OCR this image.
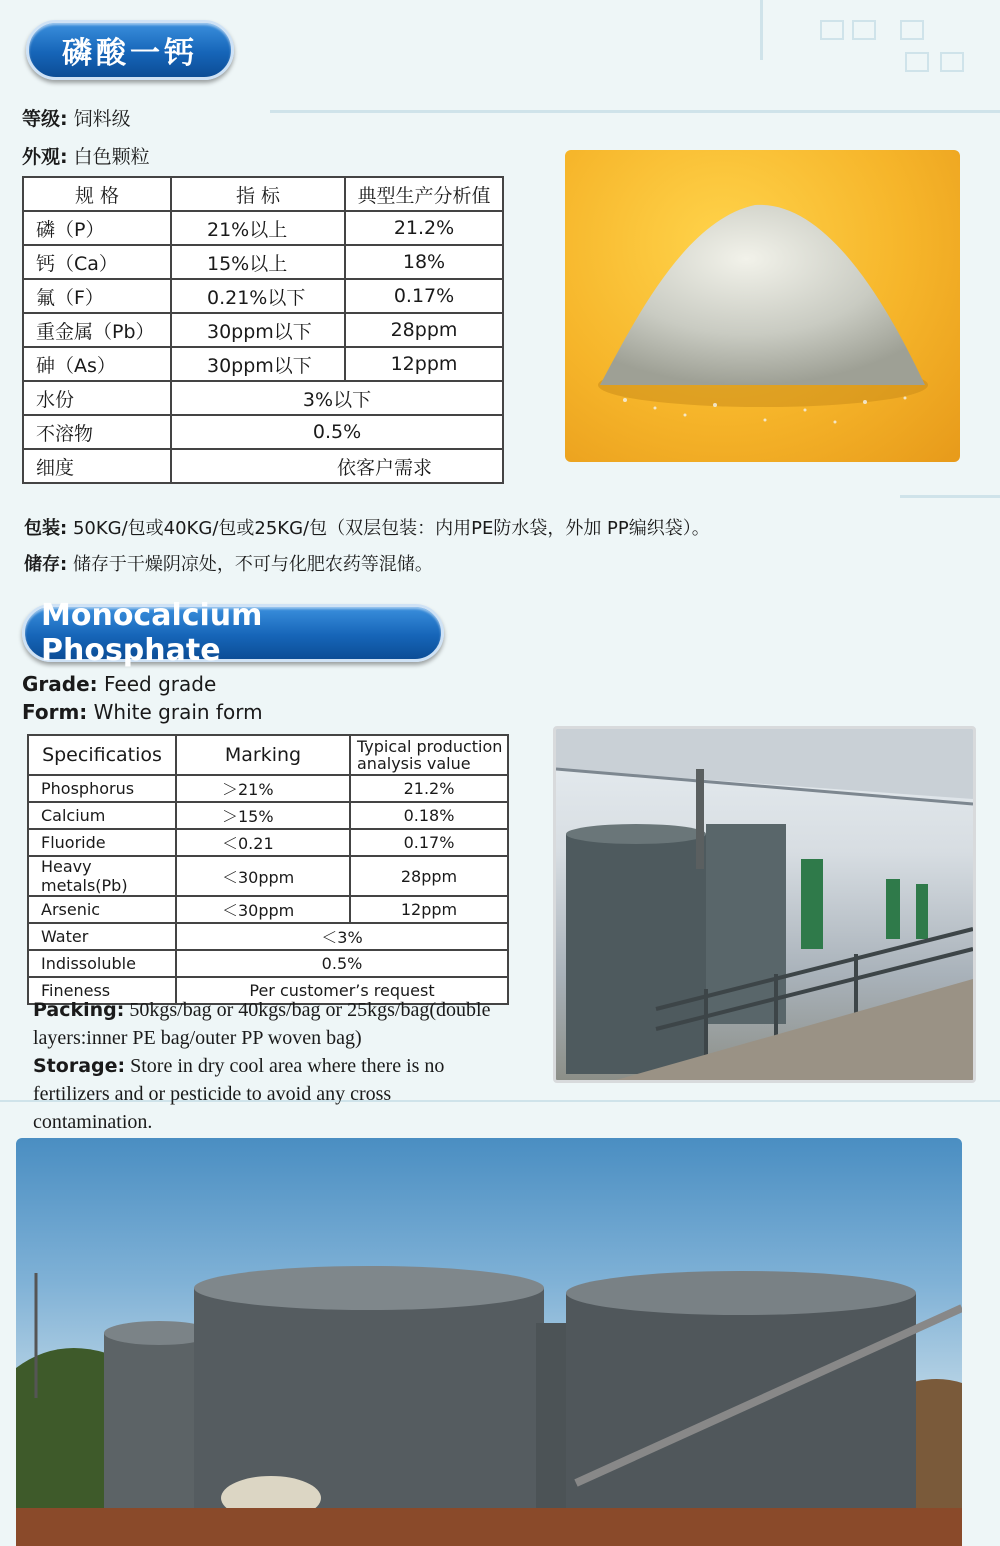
磷酸一钙
等级: 饲料级
外观: 白色颗粒
规 格	指 标	典型生产分析值
磷（P）	21%以上	21.2%
钙（Ca）	15%以上	18%
氟（F）	0.21%以下	0.17%
重金属（Pb）	30ppm以下	28ppm
砷（As）	30ppm以下	12ppm
水份	3%以下	
不溶物	0.5%	
细度	依客户需求	
包装: 50KG/包或40KG/包或25KG/包（双层包装：内用PE防水袋，外加 PP编织袋）。
储存: 储存于干燥阴凉处，不可与化肥农药等混储。
Monocalcium Phosphate
Grade: Feed grade
Form: White grain form
Specificatios	Marking	Typical production analysis value
Phosphorus	＞21%	21.2%
Calcium	＞15%	0.18%
Fluoride	＜0.21	0.17%
Heavy metals(Pb)	＜30ppm	28ppm
Arsenic	＜30ppm	12ppm
Water	＜3%	
Indissoluble	0.5%	
Fineness	Per customer’s request	
Packing: 50kgs/bag or 40kgs/bag or 25kgs/bag(double layers:inner PE bag/outer PP woven bag)
Storage: Store in dry cool area where there is no fertilizers and or pesticide to avoid any cross contamination.
